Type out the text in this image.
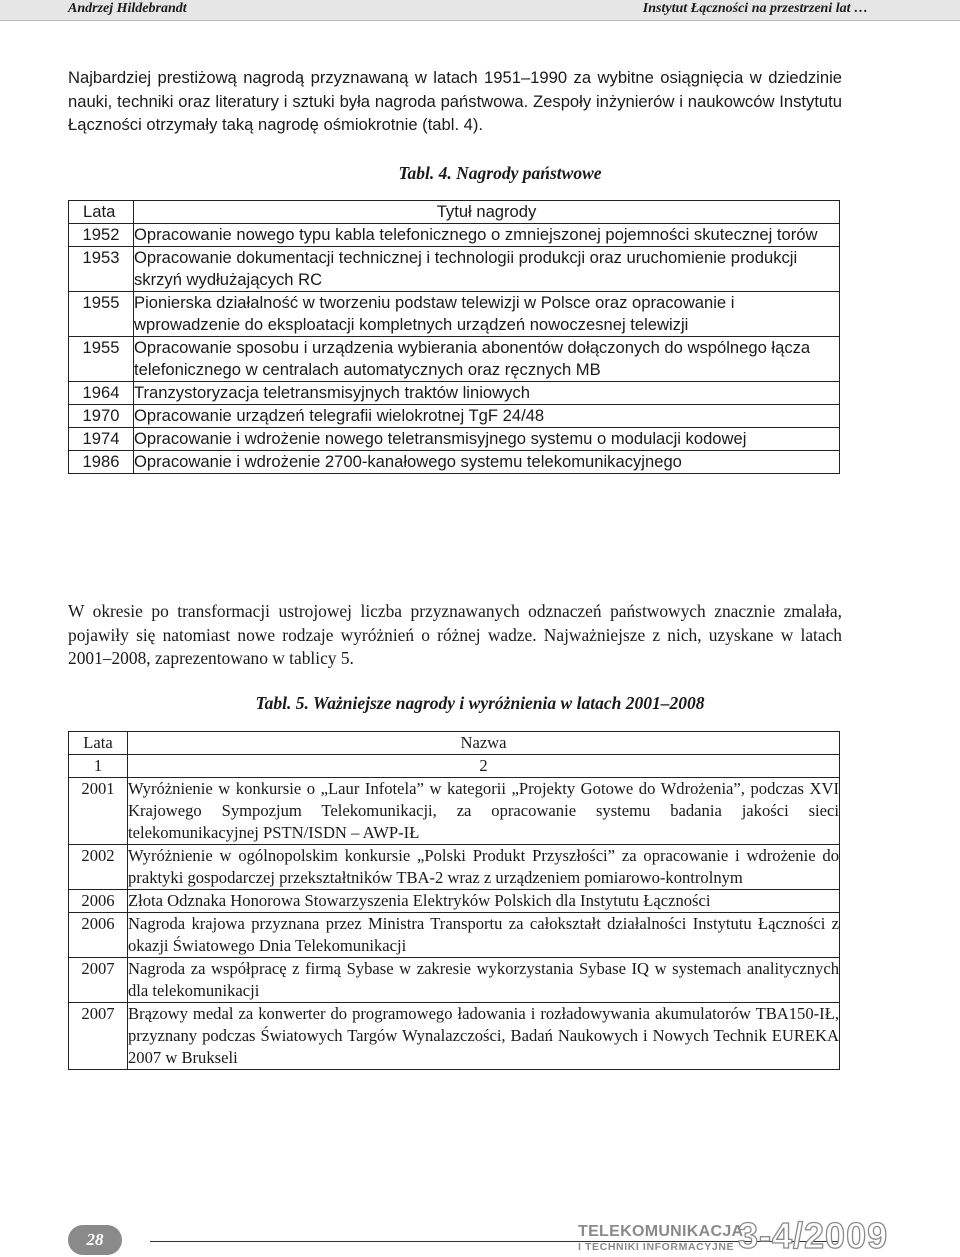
Andrzej Hildebrandt	Instytut Łączności na przestrzeni lat …

Najbardziej prestiżową nagrodą przyznawaną w latach 1951–1990 za wybitne osiągnięcia w dziedzinie nauki, techniki oraz literatury i sztuki była nagroda państwowa. Zespoły inżynierów i naukowców Instytutu Łączności otrzymały taką nagrodę ośmiokrotnie (tabl. 4).

Tabl. 4. Nagrody państwowe
Lata	Tytuł nagrody
1952	Opracowanie nowego typu kabla telefonicznego o zmniejszonej pojemności skutecznej torów
1953	Opracowanie dokumentacji technicznej i technologii produkcji oraz uruchomienie produkcji skrzyń wydłużających RC
1955	Pionierska działalność w tworzeniu podstaw telewizji w Polsce oraz opracowanie i wprowadzenie do eksploatacji kompletnych urządzeń nowoczesnej telewizji
1955	Opracowanie sposobu i urządzenia wybierania abonentów dołączonych do wspólnego łącza telefonicznego w centralach automatycznych oraz ręcznych MB
1964	Tranzystoryzacja teletransmisyjnych traktów liniowych
1970	Opracowanie urządzeń telegrafii wielokrotnej TgF 24/48
1974	Opracowanie i wdrożenie nowego teletransmisyjnego systemu o modulacji kodowej
1986	Opracowanie i wdrożenie 2700-kanałowego systemu telekomunikacyjnego

W okresie po transformacji ustrojowej liczba przyznawanych odznaczeń państwowych znacznie zmalała, pojawiły się natomiast nowe rodzaje wyróżnień o różnej wadze. Najważniejsze z nich, uzyskane w latach 2001–2008, zaprezentowano w tablicy 5.

Tabl. 5. Ważniejsze nagrody i wyróżnienia w latach 2001–2008
Lata	Nazwa
1	2
2001	Wyróżnienie w konkursie o „Laur Infotela” w kategorii „Projekty Gotowe do Wdrożenia”, podczas XVI Krajowego Sympozjum Telekomunikacji, za opracowanie systemu badania jakości sieci telekomunikacyjnej PSTN/ISDN – AWP-IŁ
2002	Wyróżnienie w ogólnopolskim konkursie „Polski Produkt Przyszłości” za opracowanie i wdrożenie do praktyki gospodarczej przekształtników TBA-2 wraz z urządzeniem pomiarowo-kontrolnym
2006	Złota Odznaka Honorowa Stowarzyszenia Elektryków Polskich dla Instytutu Łączności
2006	Nagroda krajowa przyznana przez Ministra Transportu za całokształt działalności Instytutu Łączności z okazji Światowego Dnia Telekomunikacji
2007	Nagroda za współpracę z firmą Sybase w zakresie wykorzystania Sybase IQ w systemach analitycznych dla telekomunikacji
2007	Brązowy medal za konwerter do programowego ładowania i rozładowywania akumulatorów TBA150-IŁ, przyznany podczas Światowych Targów Wynalazczości, Badań Naukowych i Nowych Technik EUREKA 2007 w Brukseli
28	TELEKOMUNIKACJA
I TECHNIKI INFORMACYJNE 3-4/2009
